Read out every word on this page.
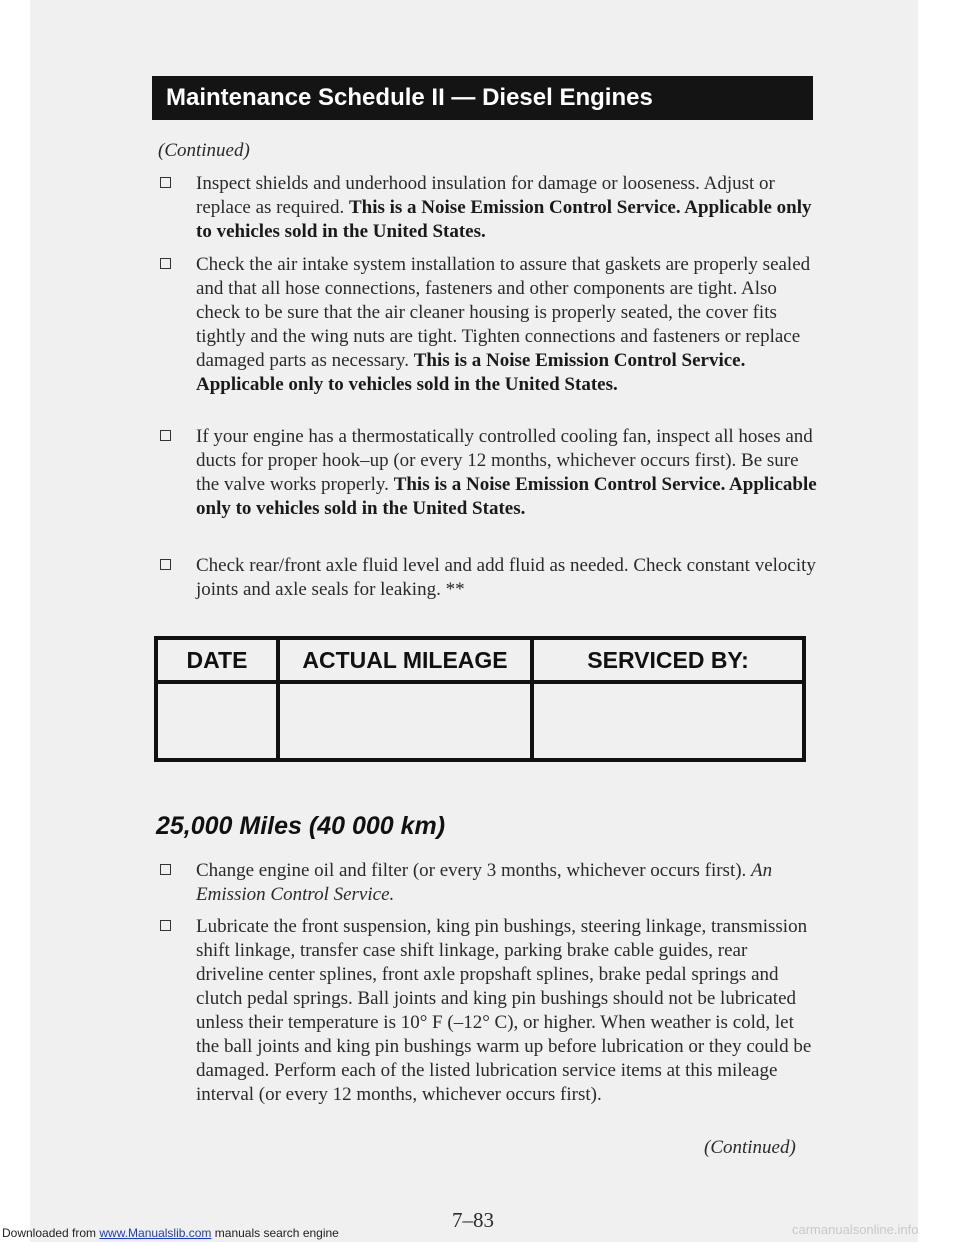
Maintenance Schedule II — Diesel Engines
(Continued)
Inspect shields and underhood insulation for damage or looseness. Adjust or replace as required. This is a Noise Emission Control Service. Applicable only to vehicles sold in the United States.
Check the air intake system installation to assure that gaskets are properly sealed and that all hose connections, fasteners and other components are tight. Also check to be sure that the air cleaner housing is properly seated, the cover fits tightly and the wing nuts are tight. Tighten connections and fasteners or replace damaged parts as necessary. This is a Noise Emission Control Service. Applicable only to vehicles sold in the United States.
If your engine has a thermostatically controlled cooling fan, inspect all hoses and ducts for proper hook–up (or every 12 months, whichever occurs first). Be sure the valve works properly. This is a Noise Emission Control Service. Applicable only to vehicles sold in the United States.
Check rear/front axle fluid level and add fluid as needed. Check constant velocity joints and axle seals for leaking. **
DATE	ACTUAL MILEAGE	SERVICED BY:

25,000 Miles (40 000 km)
Change engine oil and filter (or every 3 months, whichever occurs first). An Emission Control Service.
Lubricate the front suspension, king pin bushings, steering linkage, transmission shift linkage, transfer case shift linkage, parking brake cable guides, rear driveline center splines, front axle propshaft splines, brake pedal springs and clutch pedal springs. Ball joints and king pin bushings should not be lubricated unless their temperature is 10° F (–12° C), or higher. When weather is cold, let the ball joints and king pin bushings warm up before lubrication or they could be damaged. Perform each of the listed lubrication service items at this mileage interval (or every 12 months, whichever occurs first).
(Continued)
7–83
Downloaded from www.Manualslib.com manuals search engine	carmanualsonline.info
